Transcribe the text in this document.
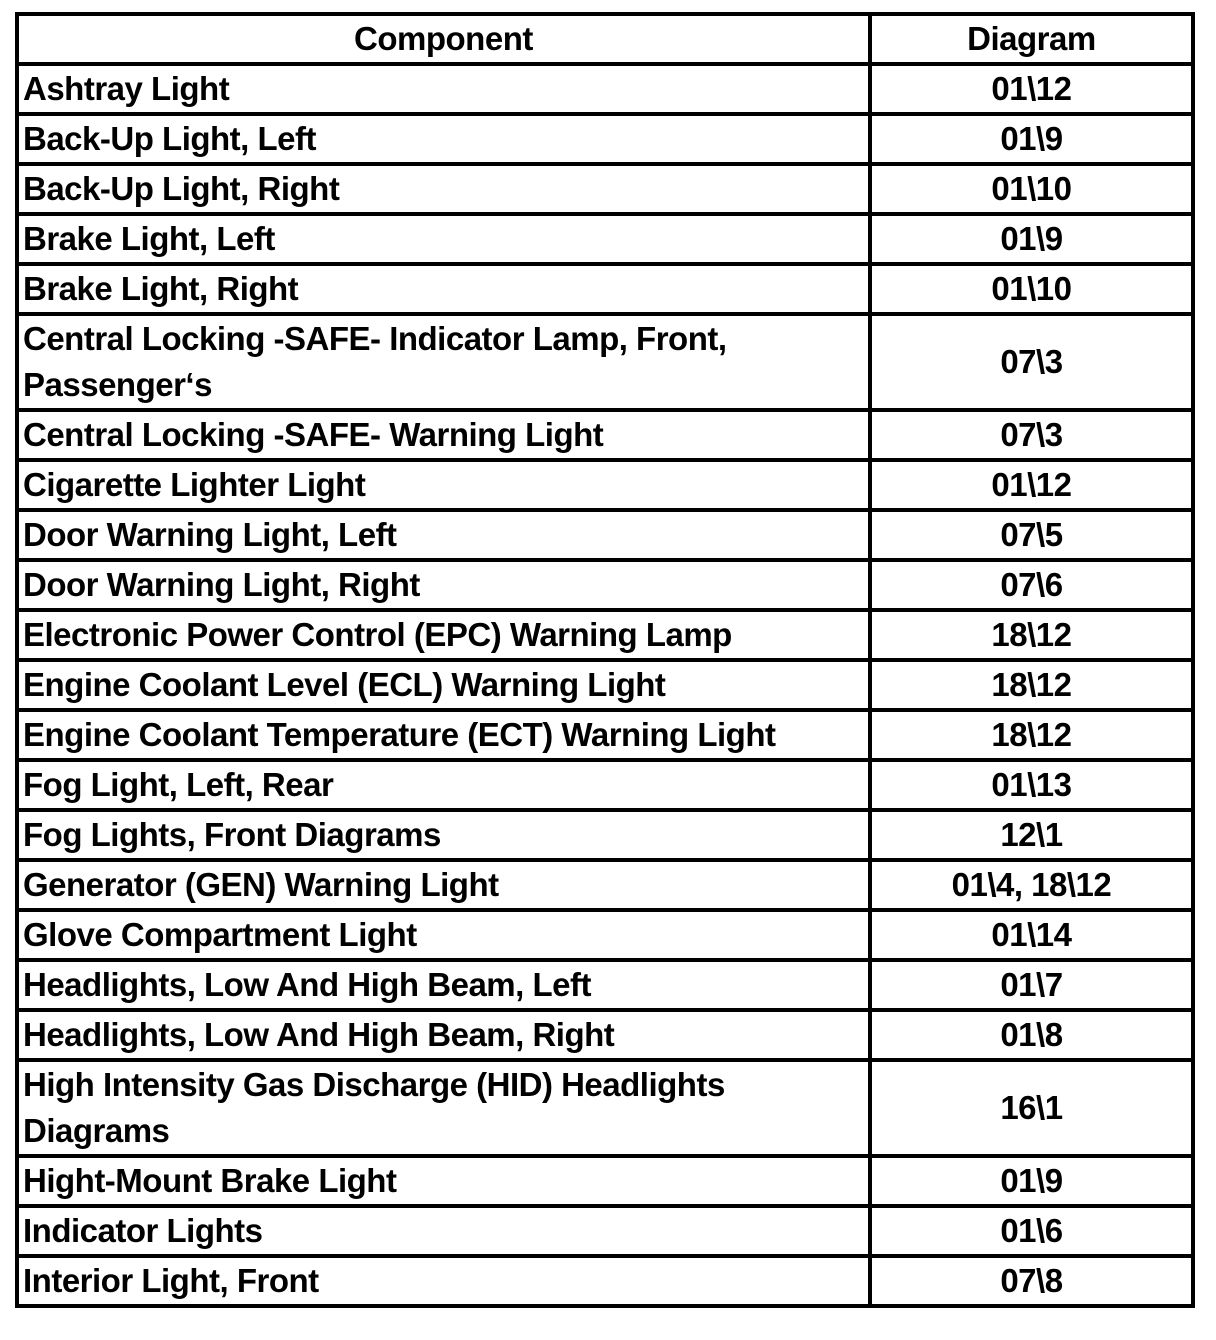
Component	Diagram
Ashtray Light	01\12
Back-Up Light, Left	01\9
Back-Up Light, Right	01\10
Brake Light, Left	01\9
Brake Light, Right	01\10
Central Locking -SAFE- Indicator Lamp, Front, Passenger‘s	07\3
Central Locking -SAFE- Warning Light	07\3
Cigarette Lighter Light	01\12
Door Warning Light, Left	07\5
Door Warning Light, Right	07\6
Electronic Power Control (EPC) Warning Lamp	18\12
Engine Coolant Level (ECL) Warning Light	18\12
Engine Coolant Temperature (ECT) Warning Light	18\12
Fog Light, Left, Rear	01\13
Fog Lights, Front Diagrams	12\1
Generator (GEN) Warning Light	01\4, 18\12
Glove Compartment Light	01\14
Headlights, Low And High Beam, Left	01\7
Headlights, Low And High Beam, Right	01\8
High Intensity Gas Discharge (HID) Headlights Diagrams	16\1
Hight-Mount Brake Light	01\9
Indicator Lights	01\6
Interior Light, Front	07\8
